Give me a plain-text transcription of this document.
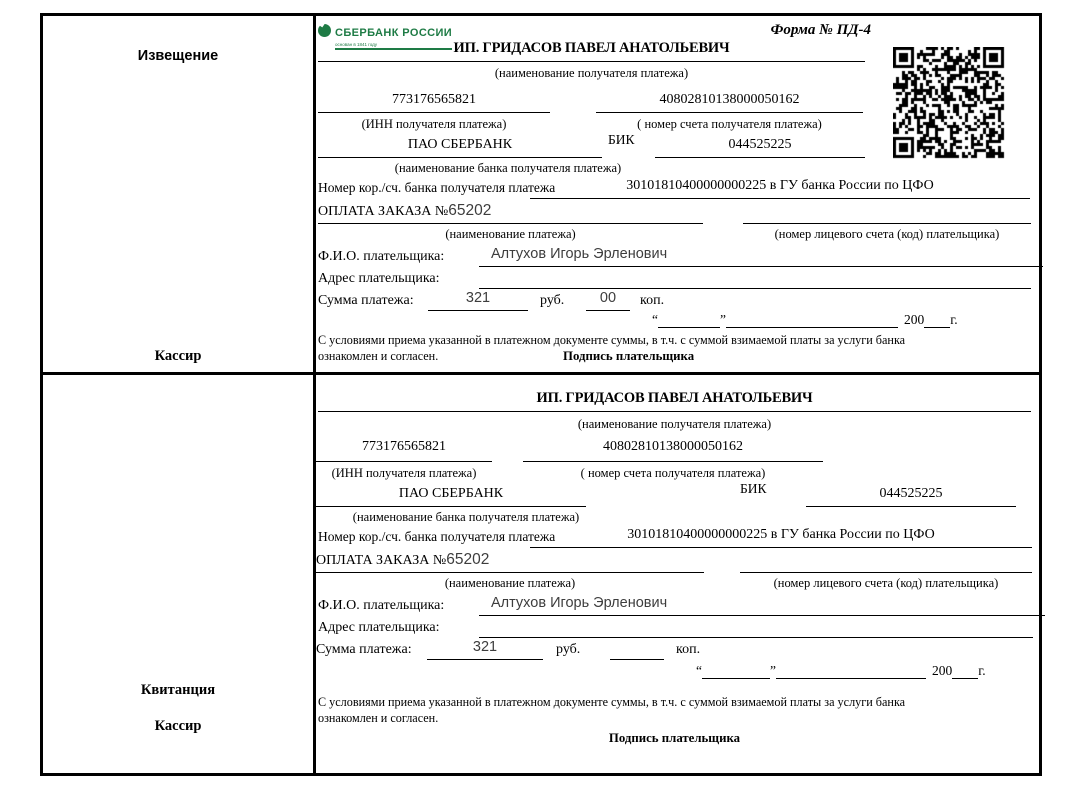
Извещение
Кассир
СБЕРБАНК РОССИИ
основан в 1841 году
Форма № ПД-4
ИП. ГРИДАСОВ ПАВЕЛ АНАТОЛЬЕВИЧ
(наименование получателя платежа)
773176565821	40802810138000050162
(ИНН получателя платежа)	( номер счета получателя платежа)
ПАО СБЕРБАНК	БИК	044525225
(наименование банка получателя платежа)
Номер кор./сч. банка получателя платежа	30101810400000000225 в ГУ банка России по ЦФО
ОПЛАТА ЗАКАЗА №65202
(наименование платежа)	(номер лицевого счета (код) плательщика)
Ф.И.О. плательщика:	Алтухов Игорь Эрленович
Адрес плательщика:
Сумма платежа:	321	руб.	00	коп.
“	”	200 г.
С условиями приема указанной в платежном документе суммы, в т.ч. с суммой взимаемой платы за услуги банка
ознакомлен и согласен.	Подпись плательщика
Квитанция
Кассир
ИП. ГРИДАСОВ ПАВЕЛ АНАТОЛЬЕВИЧ
(наименование получателя платежа)
773176565821	40802810138000050162
(ИНН получателя платежа)	( номер счета получателя платежа)
ПАО СБЕРБАНК	БИК	044525225
(наименование банка получателя платежа)
Номер кор./сч. банка получателя платежа	30101810400000000225 в ГУ банка России по ЦФО
ОПЛАТА ЗАКАЗА №65202
(наименование платежа)	(номер лицевого счета (код) плательщика)
Ф.И.О. плательщика:	Алтухов Игорь Эрленович
Адрес плательщика:
Сумма платежа:	321	руб.	коп.
“	”	200 г.
С условиями приема указанной в платежном документе суммы, в т.ч. с суммой взимаемой платы за услуги банка
ознакомлен и согласен.
Подпись плательщика
